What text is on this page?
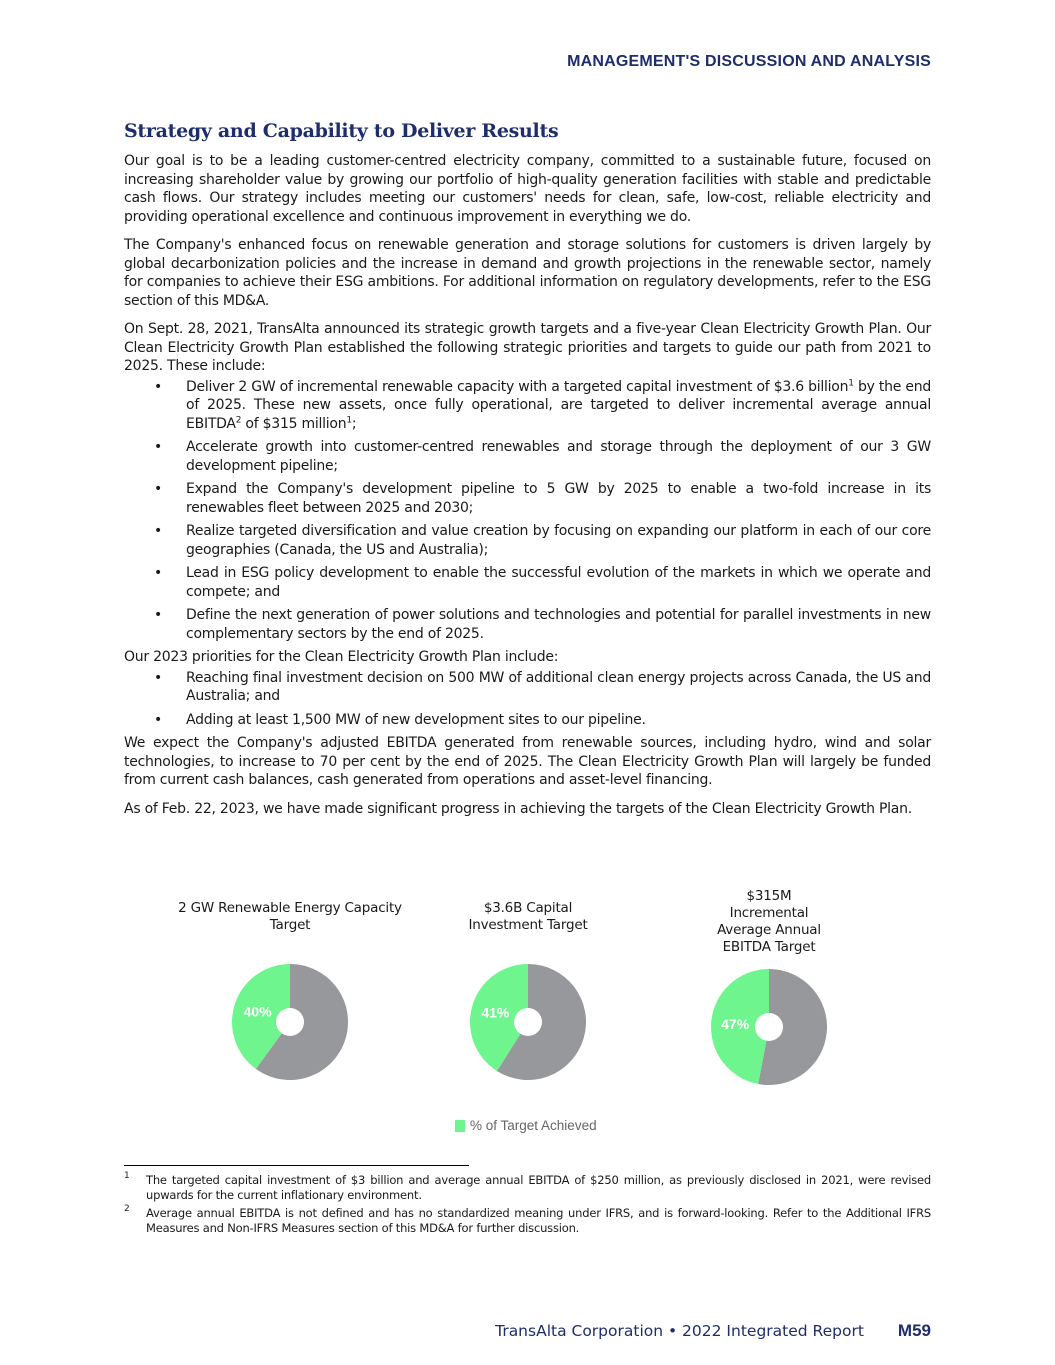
MANAGEMENT'S DISCUSSION AND ANALYSIS
Strategy and Capability to Deliver Results

Our goal is to be a leading customer-centred electricity company, committed to a sustainable future, focused on increasing shareholder value by growing our portfolio of high-quality generation facilities with stable and predictable cash flows. Our strategy includes meeting our customers' needs for clean, safe, low-cost, reliable electricity and providing operational excellence and continuous improvement in everything we do.

The Company's enhanced focus on renewable generation and storage solutions for customers is driven largely by global decarbonization policies and the increase in demand and growth projections in the renewable sector, namely for companies to achieve their ESG ambitions. For additional information on regulatory developments, refer to the ESG section of this MD&A.

On Sept. 28, 2021, TransAlta announced its strategic growth targets and a five-year Clean Electricity Growth Plan. Our Clean Electricity Growth Plan established the following strategic priorities and targets to guide our path from 2021 to 2025. These include:

• Deliver 2 GW of incremental renewable capacity with a targeted capital investment of $3.6 billion$^1$ by the end of 2025. These new assets, once fully operational, are targeted to deliver incremental average annual EBITDA$^2$ of $315 million$^1$;
• Accelerate growth into customer-centred renewables and storage through the deployment of our 3 GW development pipeline;
• Expand the Company's development pipeline to 5 GW by 2025 to enable a two-fold increase in its renewables fleet between 2025 and 2030;
• Realize targeted diversification and value creation by focusing on expanding our platform in each of our core geographies (Canada, the US and Australia);
• Lead in ESG policy development to enable the successful evolution of the markets in which we operate and compete; and
• Define the next generation of power solutions and technologies and potential for parallel investments in new complementary sectors by the end of 2025.

Our 2023 priorities for the Clean Electricity Growth Plan include:

• Reaching final investment decision on 500 MW of additional clean energy projects across Canada, the US and Australia; and
• Adding at least 1,500 MW of new development sites to our pipeline.

We expect the Company's adjusted EBITDA generated from renewable sources, including hydro, wind and solar technologies, to increase to 70 per cent by the end of 2025. The Clean Electricity Growth Plan will largely be funded from current cash balances, cash generated from operations and asset-level financing.

As of Feb. 22, 2023, we have made significant progress in achieving the targets of the Clean Electricity Growth Plan.

2 GW Renewable Energy Capacity Target
40%
$3.6B Capital Investment Target
41%
$315M Incremental Average Annual EBITDA Target
47%
% of Target Achieved
1 The targeted capital investment of $3 billion and average annual EBITDA of $250 million, as previously disclosed in 2021, were revised upwards for the current inflationary environment.
2 Average annual EBITDA is not defined and has no standardized meaning under IFRS, and is forward-looking. Refer to the Additional IFRS Measures and Non-IFRS Measures section of this MD&A for further discussion.
TransAlta Corporation • 2022 Integrated Report M59
